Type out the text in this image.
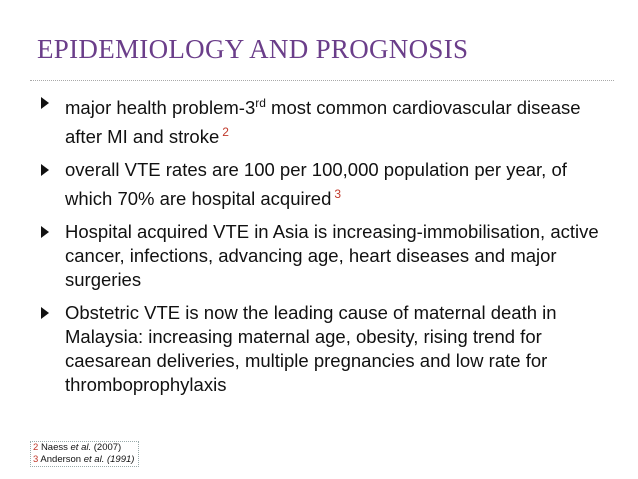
EPIDEMIOLOGY AND PROGNOSIS
major health problem-3rd most common cardiovascular disease after MI and stroke $^2$
overall VTE rates are 100 per 100,000 population per year, of which 70% are hospital acquired $^3$
Hospital acquired VTE in Asia is increasing-immobilisation, active cancer, infections, advancing age, heart diseases and major surgeries
Obstetric VTE is now the leading cause of maternal death in Malaysia: increasing maternal age, obesity, rising trend for caesarean deliveries, multiple pregnancies and low rate for thromboprophylaxis
2 Naess et al. (2007)
3 Anderson et al. (1991)
